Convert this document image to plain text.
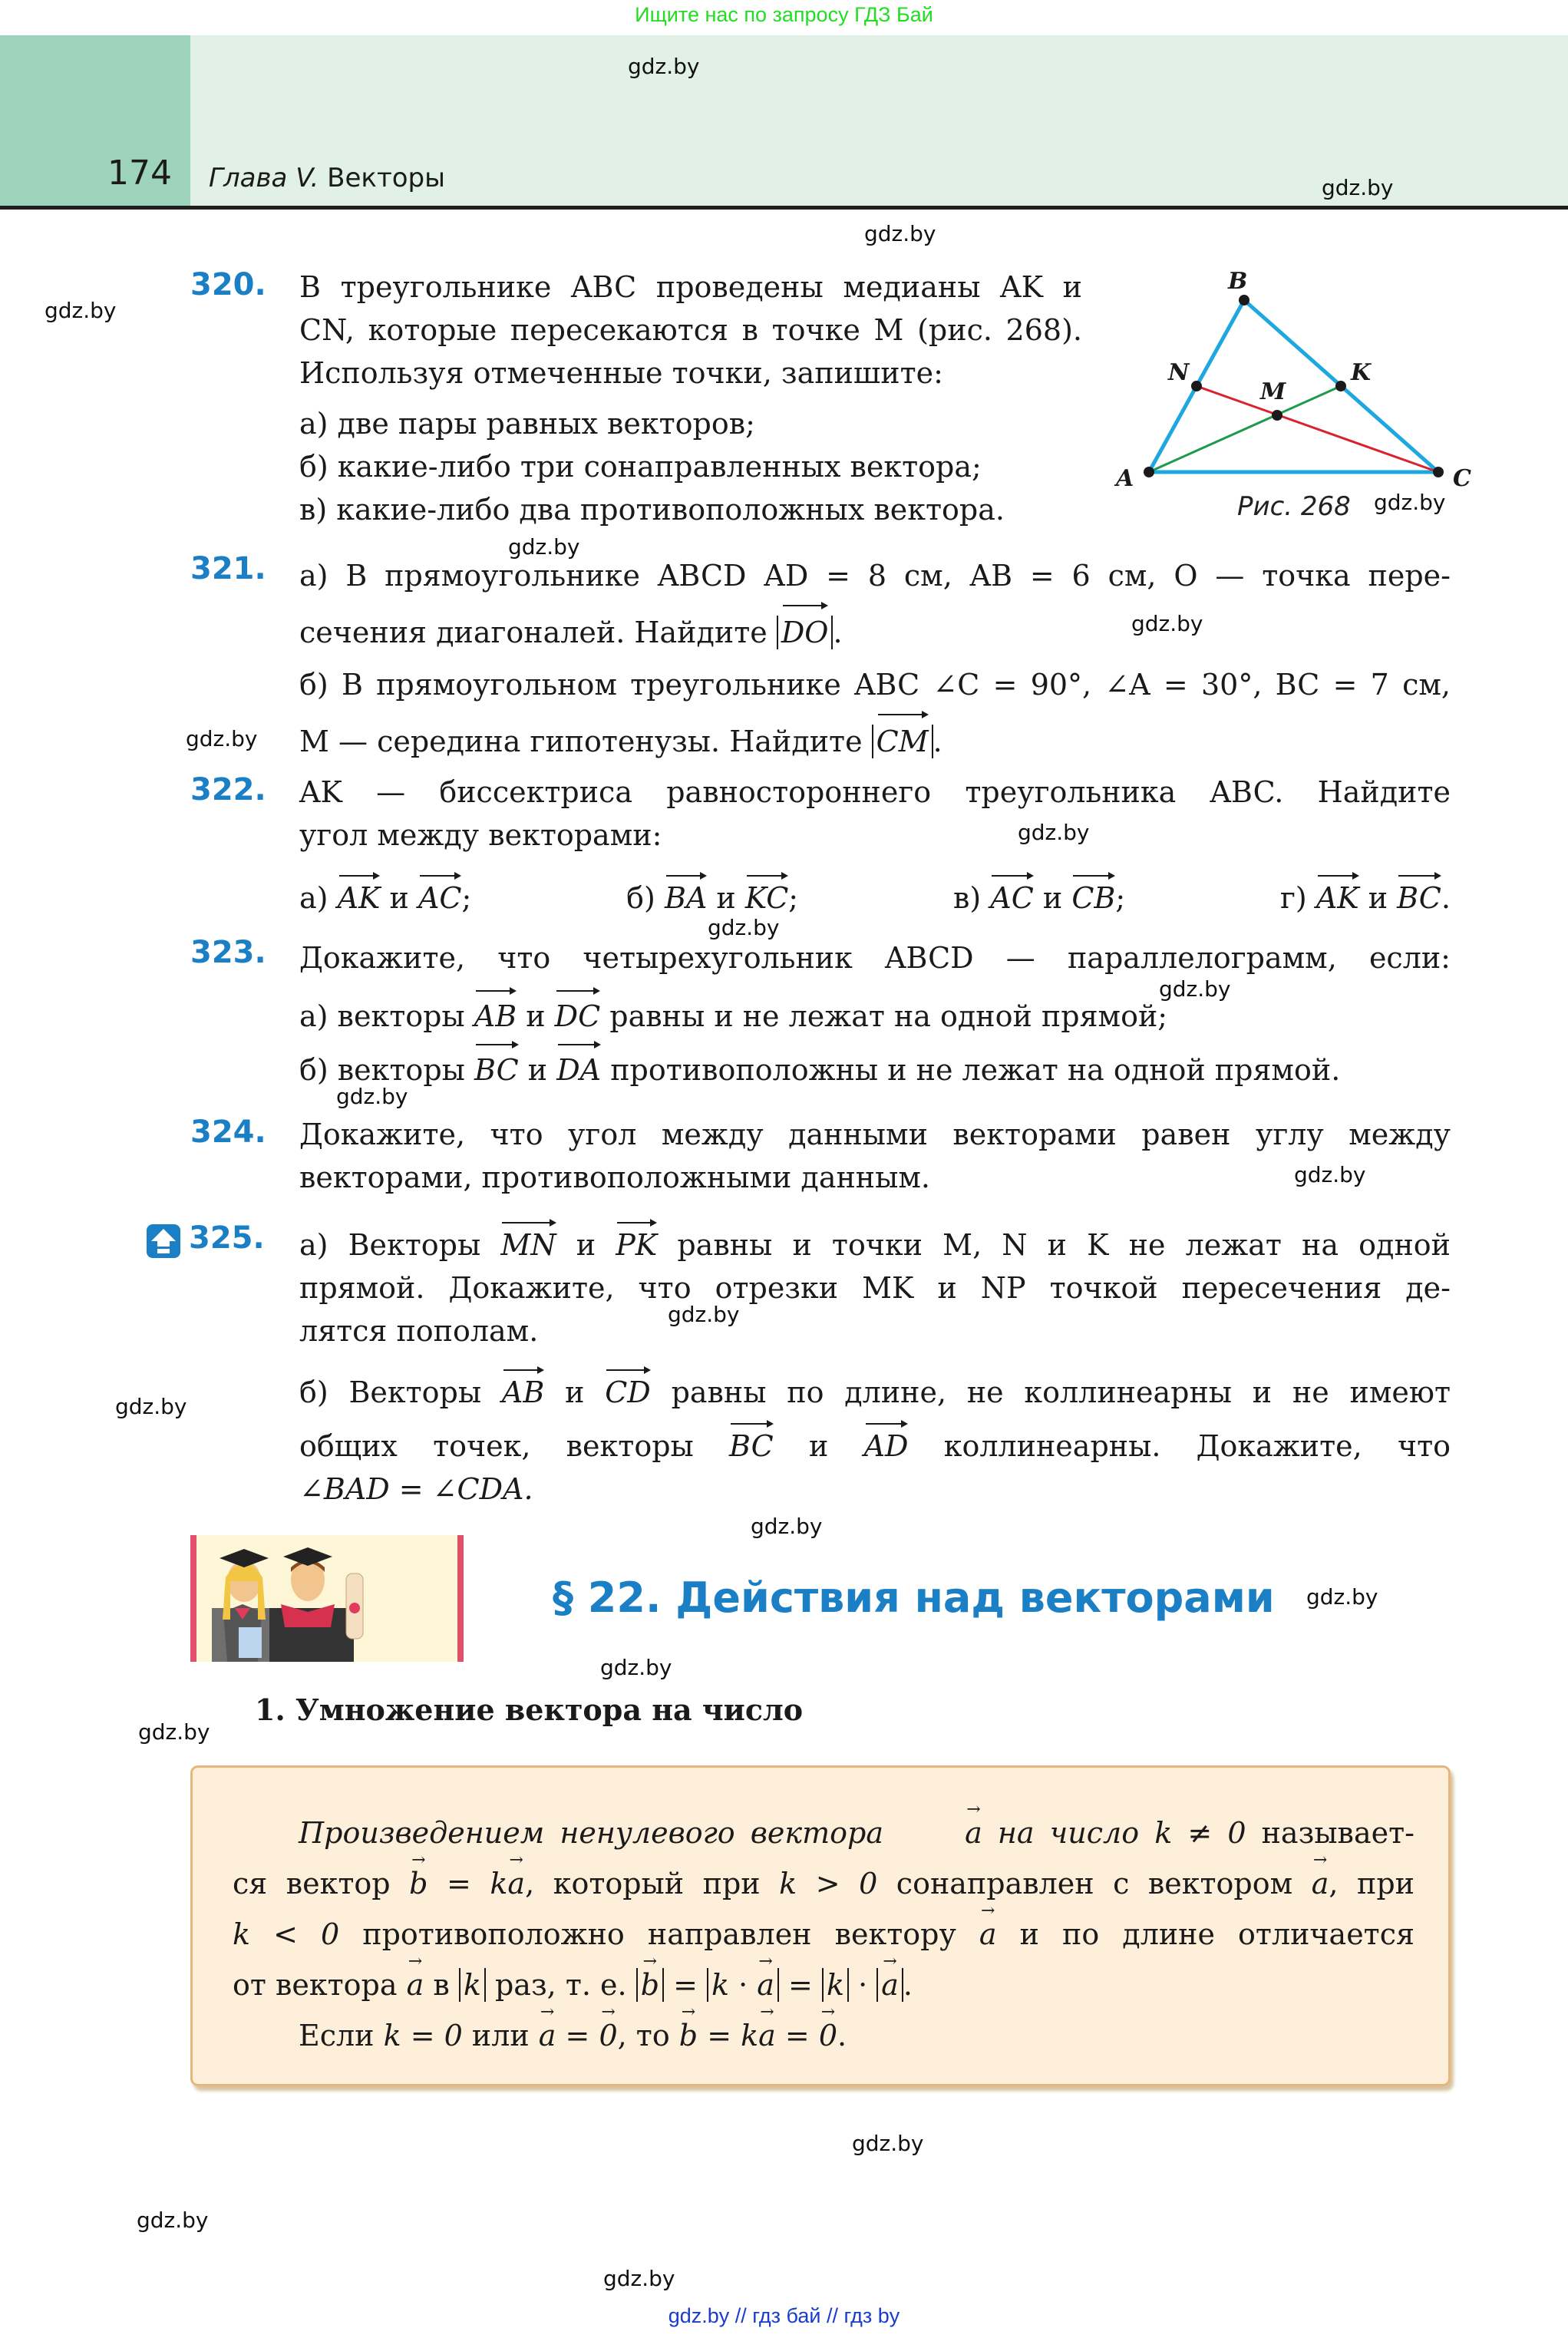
Ищите нас по запросу ГДЗ Бай
174 Глава V. Векторы
gdz.by
gdz.by
gdz.by
gdz.by
gdz.by
gdz.by
gdz.by
gdz.by
gdz.by
gdz.by
gdz.by
gdz.by
gdz.by
gdz.by
gdz.by
gdz.by
gdz.by
gdz.by
gdz.by
gdz.by
gdz.by
gdz.by
320. В треугольнике ABC проведены медианы AK и
CN, которые пересекаются в точке M (рис. 268).
Используя отмеченные точки, запишите:
а) две пары равных векторов;
б) какие-либо три сонаправленных вектора;
в) какие-либо два противоположных вектора.
A
B
C
N	K
M
Рис. 268
321. а) В прямоугольнике ABCD AD = 8 см, AB = 6 см, O — точка пере-
сечения диагоналей. Найдите DO .
б) В прямоугольном треугольнике ABC ∠C = 90°, ∠A = 30°, BC = 7 см,
M — середина гипотенузы. Найдите CM .
322. AK — биссектриса равностороннего треугольника ABC. Найдите
угол между векторами:
а) AK и AC;	б) BA и KC;	в) AC и CB;	г) AK и BC.
323. Докажите, что четырехугольник ABCD — параллелограмм, если:
а) векторы AB и DC равны и не лежат на одной прямой;
б) векторы BC и DA противоположны и не лежат на одной прямой.
324. Докажите, что угол между данными векторами равен углу между
векторами, противоположными данным.
325. а) Векторы MN и PK равны и точки M, N и K не лежат на одной
прямой. Докажите, что отрезки MK и NP точкой пересечения де-
лятся пополам.
б) Векторы AB и CD равны по длине, не коллинеарны и не имеют
общих точек, векторы BC и AD коллинеарны. Докажите, что
∠BAD = ∠CDA.
§ 22. Действия над векторами
1. Умножение вектора на число
Произведением ненулевого вектора	a → на число k ≠ 0 называет-
ся вектор b → = ka →, который при k > 0 сонаправлен с вектором a →, при
k < 0 противоположно направлен вектору a → и по длине отличается
от вектора a → в k раз, т. е. b → = k · a → = k · a → .
Если k = 0 или a → = 0 →, то b → = ka → = 0 →.
gdz.by // гдз бай // гдз by
